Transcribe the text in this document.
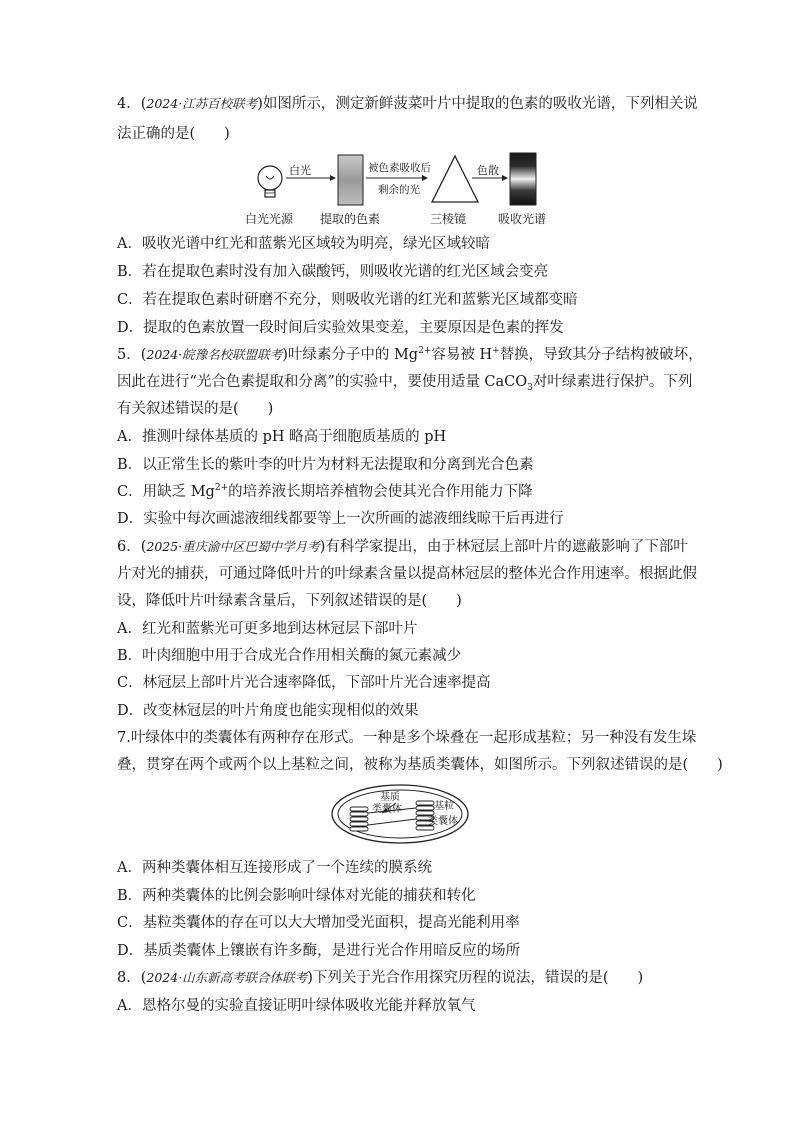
4．(2024·江苏百校联考)如图所示，测定新鲜菠菜叶片中提取的色素的吸收光谱，下列相关说
法正确的是(　　)
白光	被色素吸收后
剩余的光
色散
白光光源 提取的色素	三棱镜	吸收光谱
A．吸收光谱中红光和蓝紫光区域较为明亮，绿光区域较暗
B．若在提取色素时没有加入碳酸钙，则吸收光谱的红光区域会变亮
C．若在提取色素时研磨不充分，则吸收光谱的红光和蓝紫光区域都变暗
D．提取的色素放置一段时间后实验效果变差，主要原因是色素的挥发
5．(2024·皖豫名校联盟联考)叶绿素分子中的 $Mg^{2+}$容易被 H+替换，导致其分子结构被破坏，
因此在进行“光合色素提取和分离”的实验中，要使用适量 CaCO$_3$对叶绿素进行保护。下列
有关叙述错误的是(　　)
A．推测叶绿体基质的 pH 略高于细胞质基质的 pH
B．以正常生长的紫叶李的叶片为材料无法提取和分离到光合色素
C．用缺乏 $Mg^{2+}$的培养液长期培养植物会使其光合作用能力下降
D．实验中每次画滤液细线都要等上一次所画的滤液细线晾干后再进行
6．(2025·重庆渝中区巴蜀中学月考)有科学家提出，由于林冠层上部叶片的遮蔽影响了下部叶
片对光的捕获，可通过降低叶片的叶绿素含量以提高林冠层的整体光合作用速率。根据此假
设，降低叶片叶绿素含量后，下列叙述错误的是(　　)
A．红光和蓝紫光可更多地到达林冠层下部叶片
B．叶肉细胞中用于合成光合作用相关酶的氮元素减少
C．林冠层上部叶片光合速率降低，下部叶片光合速率提高
D．改变林冠层的叶片角度也能实现相似的效果
7.叶绿体中的类囊体有两种存在形式。一种是多个垛叠在一起形成基粒；另一种没有发生垛
叠，贯穿在两个或两个以上基粒之间，被称为基质类囊体，如图所示。下列叙述错误的是(　　)
基质
类囊体	基粒
类囊体
A．两种类囊体相互连接形成了一个连续的膜系统
B．两种类囊体的比例会影响叶绿体对光能的捕获和转化
C．基粒类囊体的存在可以大大增加受光面积，提高光能利用率
D．基质类囊体上镶嵌有许多酶，是进行光合作用暗反应的场所
8．(2024·山东新高考联合体联考)下列关于光合作用探究历程的说法，错误的是(　　)
A．恩格尔曼的实验直接证明叶绿体吸收光能并释放氧气
